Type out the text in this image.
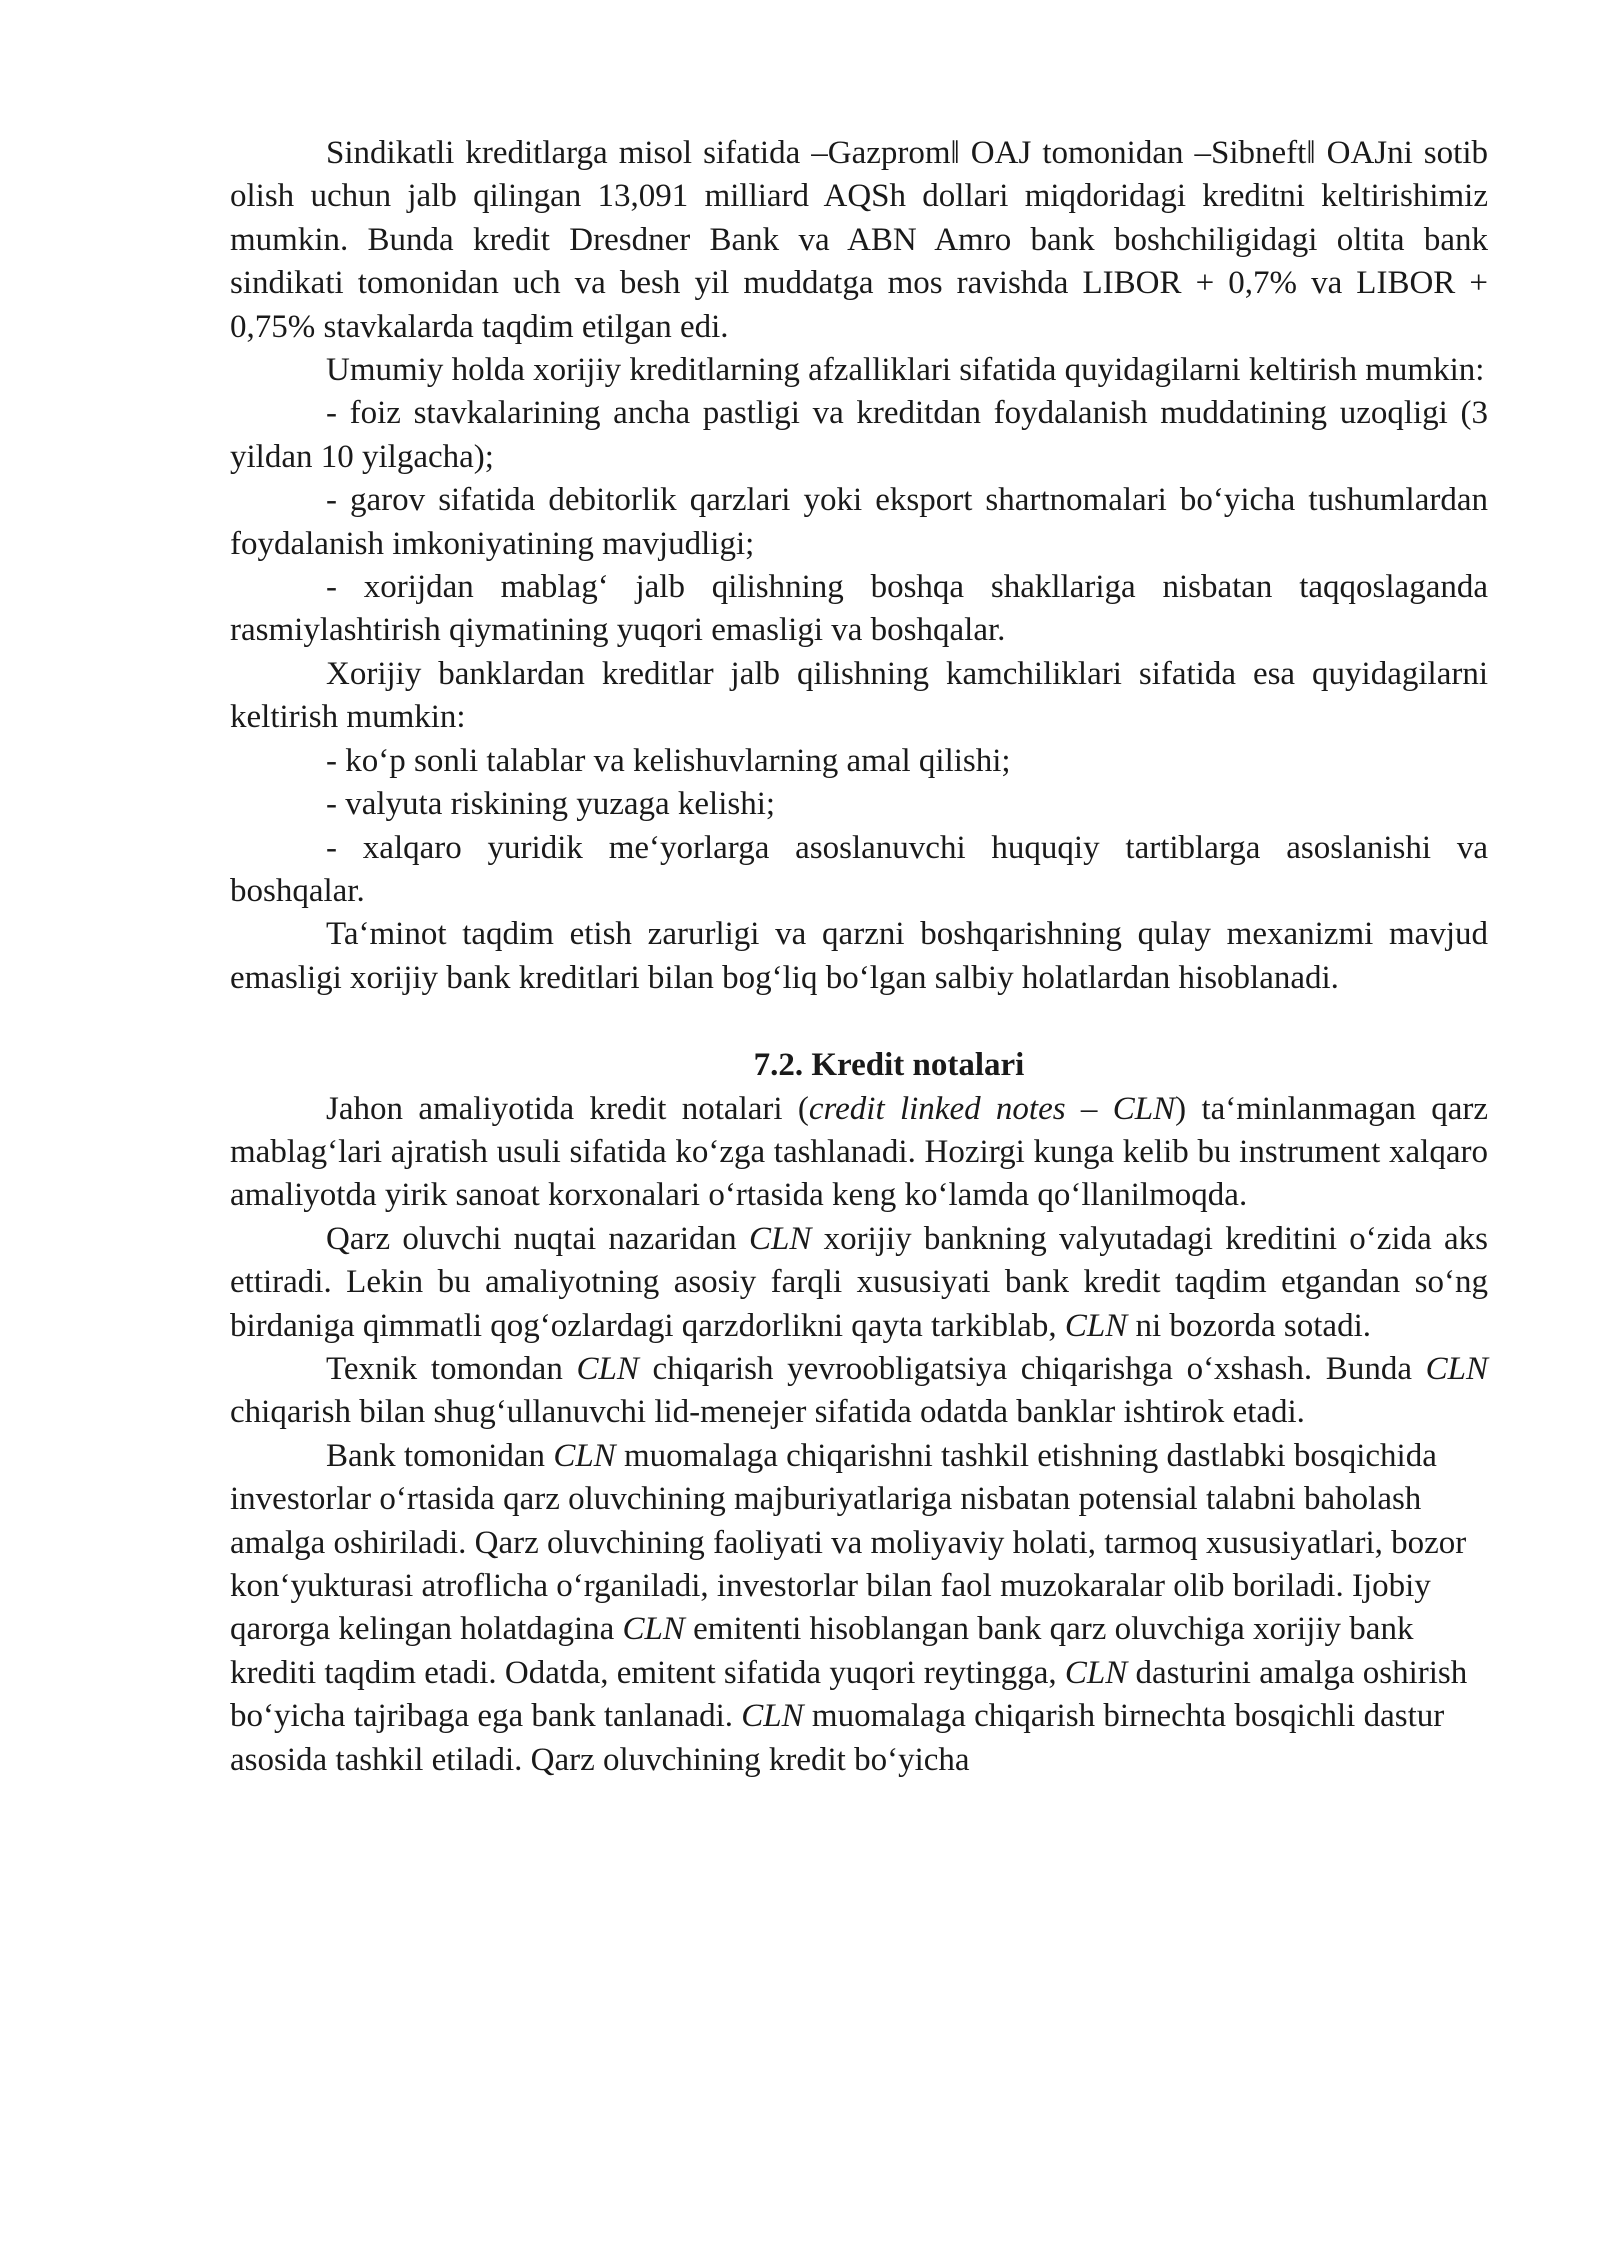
Sindikatli kreditlarga misol sifatida –Gazprom‖ OAJ tomonidan –Sibneft‖ OAJni sotib olish uchun jalb qilingan 13,091 milliard AQSh dollari miqdoridagi kreditni keltirishimiz mumkin. Bunda kredit Dresdner Bank va ABN Amro bank boshchiligidagi oltita bank sindikati tomonidan uch va besh yil muddatga mos ravishda LIBOR + 0,7% va LIBOR + 0,75% stavkalarda taqdim etilgan edi.

Umumiy holda xorijiy kreditlarning afzalliklari sifatida quyidagilarni keltirish mumkin:

- foiz stavkalarining ancha pastligi va kreditdan foydalanish muddatining uzoqligi (3 yildan 10 yilgacha);

- garov sifatida debitorlik qarzlari yoki eksport shartnomalari bo‘yicha tushumlardan foydalanish imkoniyatining mavjudligi;

- xorijdan mablag‘ jalb qilishning boshqa shakllariga nisbatan taqqoslaganda rasmiylashtirish qiymatining yuqori emasligi va boshqalar.

Xorijiy banklardan kreditlar jalb qilishning kamchiliklari sifatida esa quyidagilarni keltirish mumkin:

- ko‘p sonli talablar va kelishuvlarning amal qilishi;

- valyuta riskining yuzaga kelishi;

- xalqaro yuridik me‘yorlarga asoslanuvchi huquqiy tartiblarga asoslanishi va boshqalar.

Ta‘minot taqdim etish zarurligi va qarzni boshqarishning qulay mexanizmi mavjud emasligi xorijiy bank kreditlari bilan bog‘liq bo‘lgan salbiy holatlardan hisoblanadi.

7.2. Kredit notalari

Jahon amaliyotida kredit notalari (credit linked notes – CLN) ta‘minlanmagan qarz mablag‘lari ajratish usuli sifatida ko‘zga tashlanadi. Hozirgi kunga kelib bu instrument xalqaro amaliyotda yirik sanoat korxonalari o‘rtasida keng ko‘lamda qo‘llanilmoqda.

Qarz oluvchi nuqtai nazaridan CLN xorijiy bankning valyutadagi kreditini o‘zida aks ettiradi. Lekin bu amaliyotning asosiy farqli xususiyati bank kredit taqdim etgandan so‘ng birdaniga qimmatli qog‘ozlardagi qarzdorlikni qayta tarkiblab, CLN ni bozorda sotadi.

Texnik tomondan CLN chiqarish yevroobligatsiya chiqarishga o‘xshash. Bunda CLN chiqarish bilan shug‘ullanuvchi lid-menejer sifatida odatda banklar ishtirok etadi.

Bank tomonidan CLN muomalaga chiqarishni tashkil etishning dastlabki bosqichida investorlar o‘rtasida qarz oluvchining majburiyatlariga nisbatan potensial talabni baholash amalga oshiriladi. Qarz oluvchining faoliyati va moliyaviy holati, tarmoq xususiyatlari, bozor kon‘yukturasi atroflicha o‘rganiladi, investorlar bilan faol muzokaralar olib boriladi. Ijobiy qarorga kelingan holatdagina CLN emitenti hisoblangan bank qarz oluvchiga xorijiy bank krediti taqdim etadi. Odatda, emitent sifatida yuqori reytingga, CLN dasturini amalga oshirish bo‘yicha tajribaga ega bank tanlanadi. CLN muomalaga chiqarish birnechta bosqichli dastur asosida tashkil etiladi. Qarz oluvchining kredit bo‘yicha
